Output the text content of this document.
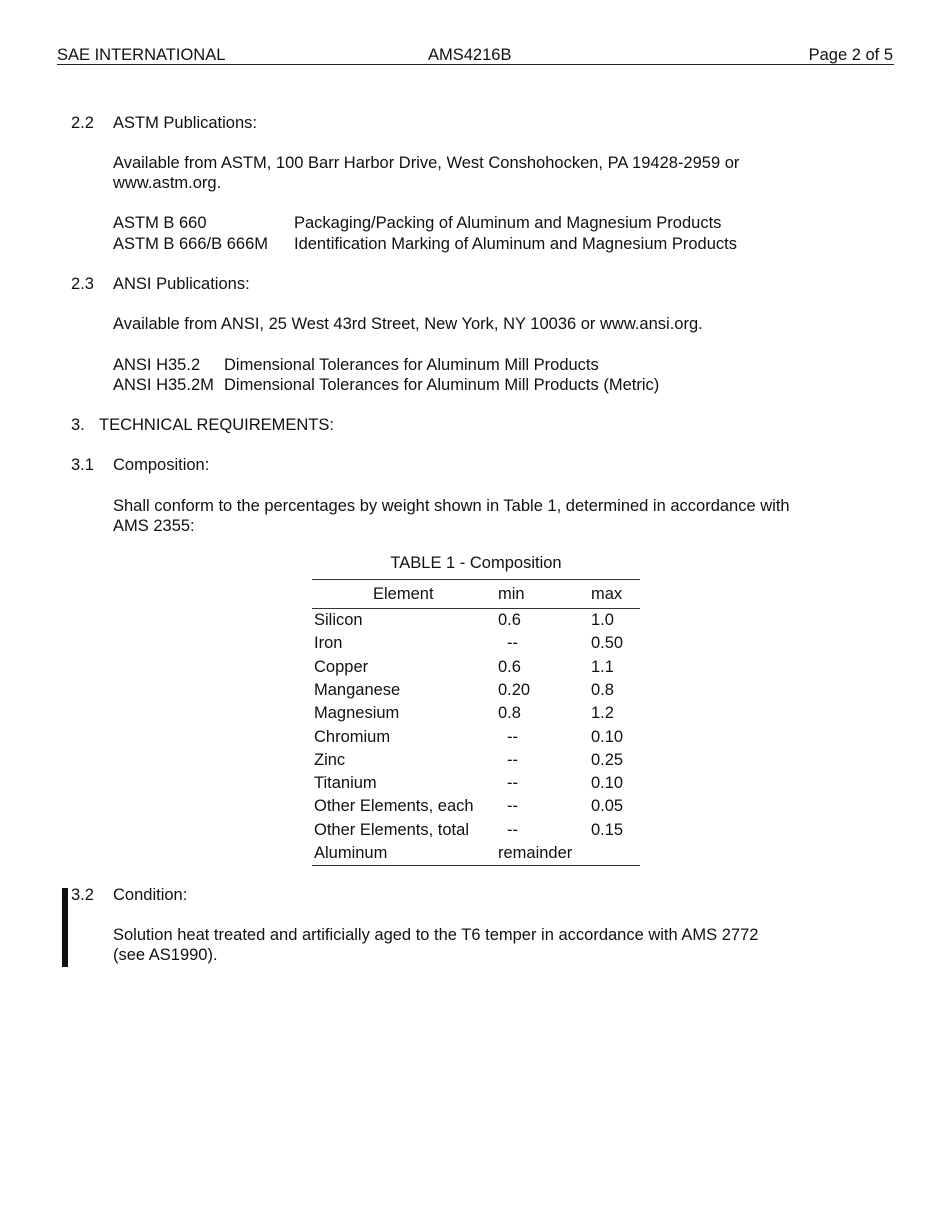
SAE INTERNATIONAL	AMS4216B	Page 2 of 5
2.2 ASTM Publications:
Available from ASTM, 100 Barr Harbor Drive, West Conshohocken, PA 19428-2959 or
www.astm.org.
ASTM B 660	Packaging/Packing of Aluminum and Magnesium Products
ASTM B 666/B 666M Identification Marking of Aluminum and Magnesium Products
2.3 ANSI Publications:
Available from ANSI, 25 West 43rd Street, New York, NY 10036 or www.ansi.org.
ANSI H35.2 Dimensional Tolerances for Aluminum Mill Products
ANSI H35.2M Dimensional Tolerances for Aluminum Mill Products (Metric)
3. TECHNICAL REQUIREMENTS:
3.1 Composition:
Shall conform to the percentages by weight shown in Table 1, determined in accordance with
AMS 2355:
TABLE 1 - Composition
Element	min	max
Silicon	0.6	1.0
Iron	--	0.50
Copper	0.6	1.1
Manganese	0.20	0.8
Magnesium	0.8	1.2
Chromium	--	0.10
Zinc	--	0.25
Titanium	--	0.10
Other Elements, each --	0.05
Other Elements, total --	0.15
Aluminum	remainder
3.2 Condition:
Solution heat treated and artificially aged to the T6 temper in accordance with AMS 2772
(see AS1990).
